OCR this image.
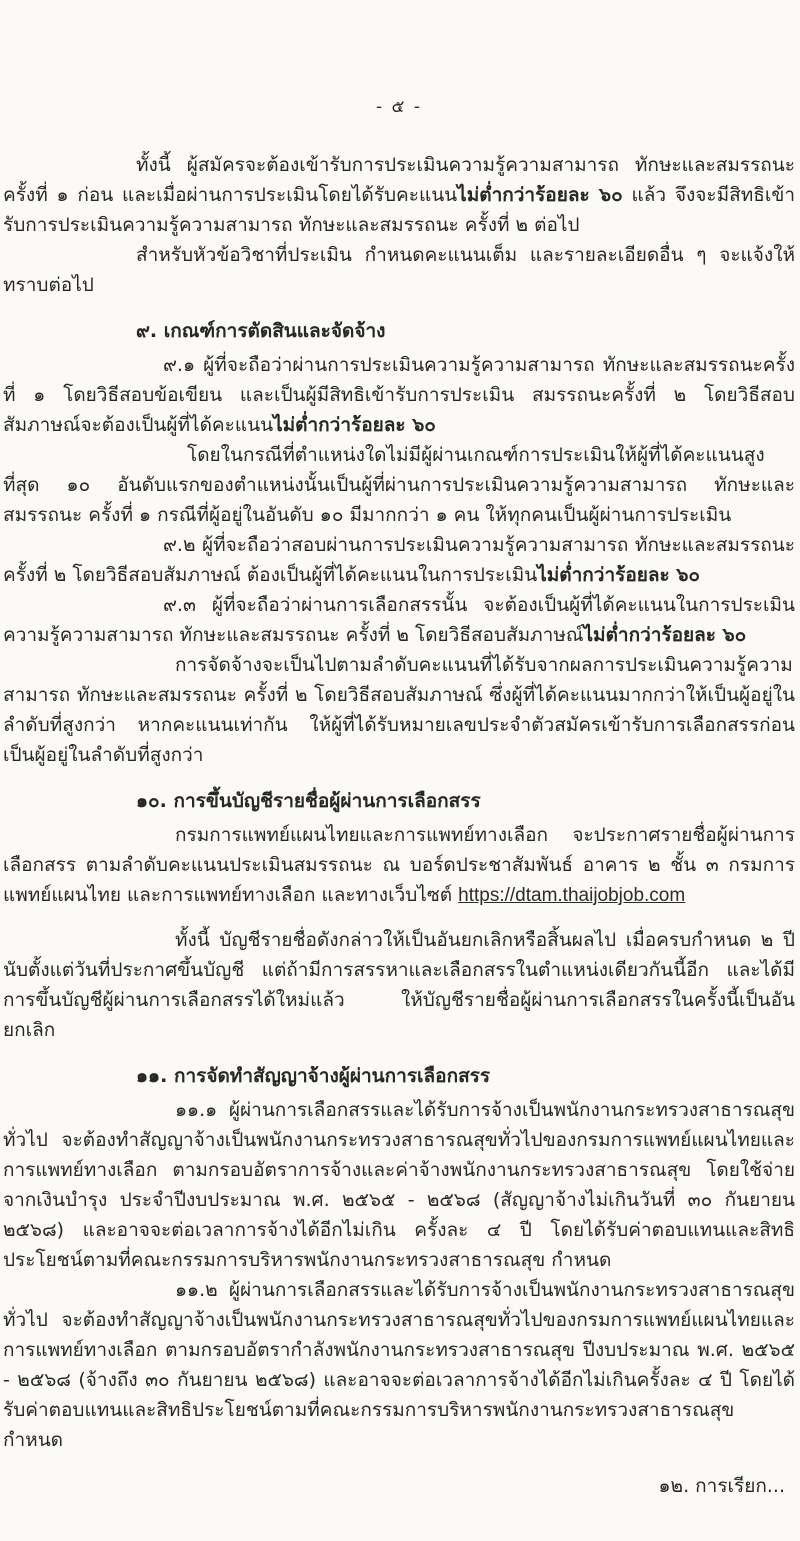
- ๕ -

ทั้งนี้ ผู้สมัครจะต้องเข้ารับการประเมินความรู้ความสามารถ ทักษะและสมรรถนะ ครั้งที่ ๑ ก่อน และเมื่อผ่านการประเมินโดยได้รับคะแนนไม่ต่ำกว่าร้อยละ ๖๐ แล้ว จึงจะมีสิทธิเข้ารับการประเมินความรู้ความสามารถ ทักษะและสมรรถนะ ครั้งที่ ๒ ต่อไป

สำหรับหัวข้อวิชาที่ประเมิน กำหนดคะแนนเต็ม และรายละเอียดอื่น ๆ จะแจ้งให้ทราบต่อไป

๙. เกณฑ์การตัดสินและจัดจ้าง

๙.๑ ผู้ที่จะถือว่าผ่านการประเมินความรู้ความสามารถ ทักษะและสมรรถนะครั้งที่ ๑ โดยวิธีสอบข้อเขียน และเป็นผู้มีสิทธิเข้ารับการประเมิน สมรรถนะครั้งที่ ๒ โดยวิธีสอบสัมภาษณ์จะต้องเป็นผู้ที่ได้คะแนนไม่ต่ำกว่าร้อยละ ๖๐

โดยในกรณีที่ตำแหน่งใดไม่มีผู้ผ่านเกณฑ์การประเมินให้ผู้ที่ได้คะแนนสูงที่สุด ๑๐ อันดับแรกของตำแหน่งนั้นเป็นผู้ที่ผ่านการประเมินความรู้ความสามารถ ทักษะและสมรรถนะ ครั้งที่ ๑ กรณีที่ผู้อยู่ในอันดับ ๑๐ มีมากกว่า ๑ คน ให้ทุกคนเป็นผู้ผ่านการประเมิน

๙.๒ ผู้ที่จะถือว่าสอบผ่านการประเมินความรู้ความสามารถ ทักษะและสมรรถนะ ครั้งที่ ๒ โดยวิธีสอบสัมภาษณ์ ต้องเป็นผู้ที่ได้คะแนนในการประเมินไม่ต่ำกว่าร้อยละ ๖๐

๙.๓ ผู้ที่จะถือว่าผ่านการเลือกสรรนั้น จะต้องเป็นผู้ที่ได้คะแนนในการประเมินความรู้ความสามารถ ทักษะและสมรรถนะ ครั้งที่ ๒ โดยวิธีสอบสัมภาษณ์ไม่ต่ำกว่าร้อยละ ๖๐

การจัดจ้างจะเป็นไปตามลำดับคะแนนที่ได้รับจากผลการประเมินความรู้ความสามารถ ทักษะและสมรรถนะ ครั้งที่ ๒ โดยวิธีสอบสัมภาษณ์ ซึ่งผู้ที่ได้คะแนนมากกว่าให้เป็นผู้อยู่ในลำดับที่สูงกว่า หากคะแนนเท่ากัน ให้ผู้ที่ได้รับหมายเลขประจำตัวสมัครเข้ารับการเลือกสรรก่อนเป็นผู้อยู่ในลำดับที่สูงกว่า

๑๐. การขึ้นบัญชีรายชื่อผู้ผ่านการเลือกสรร

กรมการแพทย์แผนไทยและการแพทย์ทางเลือก จะประกาศรายชื่อผู้ผ่านการเลือกสรร ตามลำดับคะแนนประเมินสมรรถนะ ณ บอร์ดประชาสัมพันธ์ อาคาร ๒ ชั้น ๓ กรมการแพทย์แผนไทย และการแพทย์ทางเลือก และทางเว็บไซต์ https://dtam.thaijobjob.com

ทั้งนี้ บัญชีรายชื่อดังกล่าวให้เป็นอันยกเลิกหรือสิ้นผลไป เมื่อครบกำหนด ๒ ปี นับตั้งแต่วันที่ประกาศขึ้นบัญชี แต่ถ้ามีการสรรหาและเลือกสรรในตำแหน่งเดียวกันนี้อีก และได้มีการขึ้นบัญชีผู้ผ่านการเลือกสรรได้ใหม่แล้ว ให้บัญชีรายชื่อผู้ผ่านการเลือกสรรในครั้งนี้เป็นอันยกเลิก

๑๑. การจัดทำสัญญาจ้างผู้ผ่านการเลือกสรร

๑๑.๑ ผู้ผ่านการเลือกสรรและได้รับการจ้างเป็นพนักงานกระทรวงสาธารณสุขทั่วไป จะต้องทำสัญญาจ้างเป็นพนักงานกระทรวงสาธารณสุขทั่วไปของกรมการแพทย์แผนไทยและการแพทย์ทางเลือก ตามกรอบอัตราการจ้างและค่าจ้างพนักงานกระทรวงสาธารณสุข โดยใช้จ่ายจากเงินบำรุง ประจำปีงบประมาณ พ.ศ. ๒๕๖๕ - ๒๕๖๘ (สัญญาจ้างไม่เกินวันที่ ๓๐ กันยายน ๒๕๖๘) และอาจจะต่อเวลาการจ้างได้อีกไม่เกิน ครั้งละ ๔ ปี โดยได้รับค่าตอบแทนและสิทธิประโยชน์ตามที่คณะกรรมการบริหารพนักงานกระทรวงสาธารณสุข กำหนด

๑๑.๒ ผู้ผ่านการเลือกสรรและได้รับการจ้างเป็นพนักงานกระทรวงสาธารณสุขทั่วไป จะต้องทำสัญญาจ้างเป็นพนักงานกระทรวงสาธารณสุขทั่วไปของกรมการแพทย์แผนไทยและการแพทย์ทางเลือก ตามกรอบอัตรากำลังพนักงานกระทรวงสาธารณสุข ปีงบประมาณ พ.ศ. ๒๕๖๕ - ๒๕๖๘ (จ้างถึง ๓๐ กันยายน ๒๕๖๘) และอาจจะต่อเวลาการจ้างได้อีกไม่เกินครั้งละ ๔ ปี โดยได้รับค่าตอบแทนและสิทธิประโยชน์ตามที่คณะกรรมการบริหารพนักงานกระทรวงสาธารณสุข กำหนด

๑๒. การเรียก...
